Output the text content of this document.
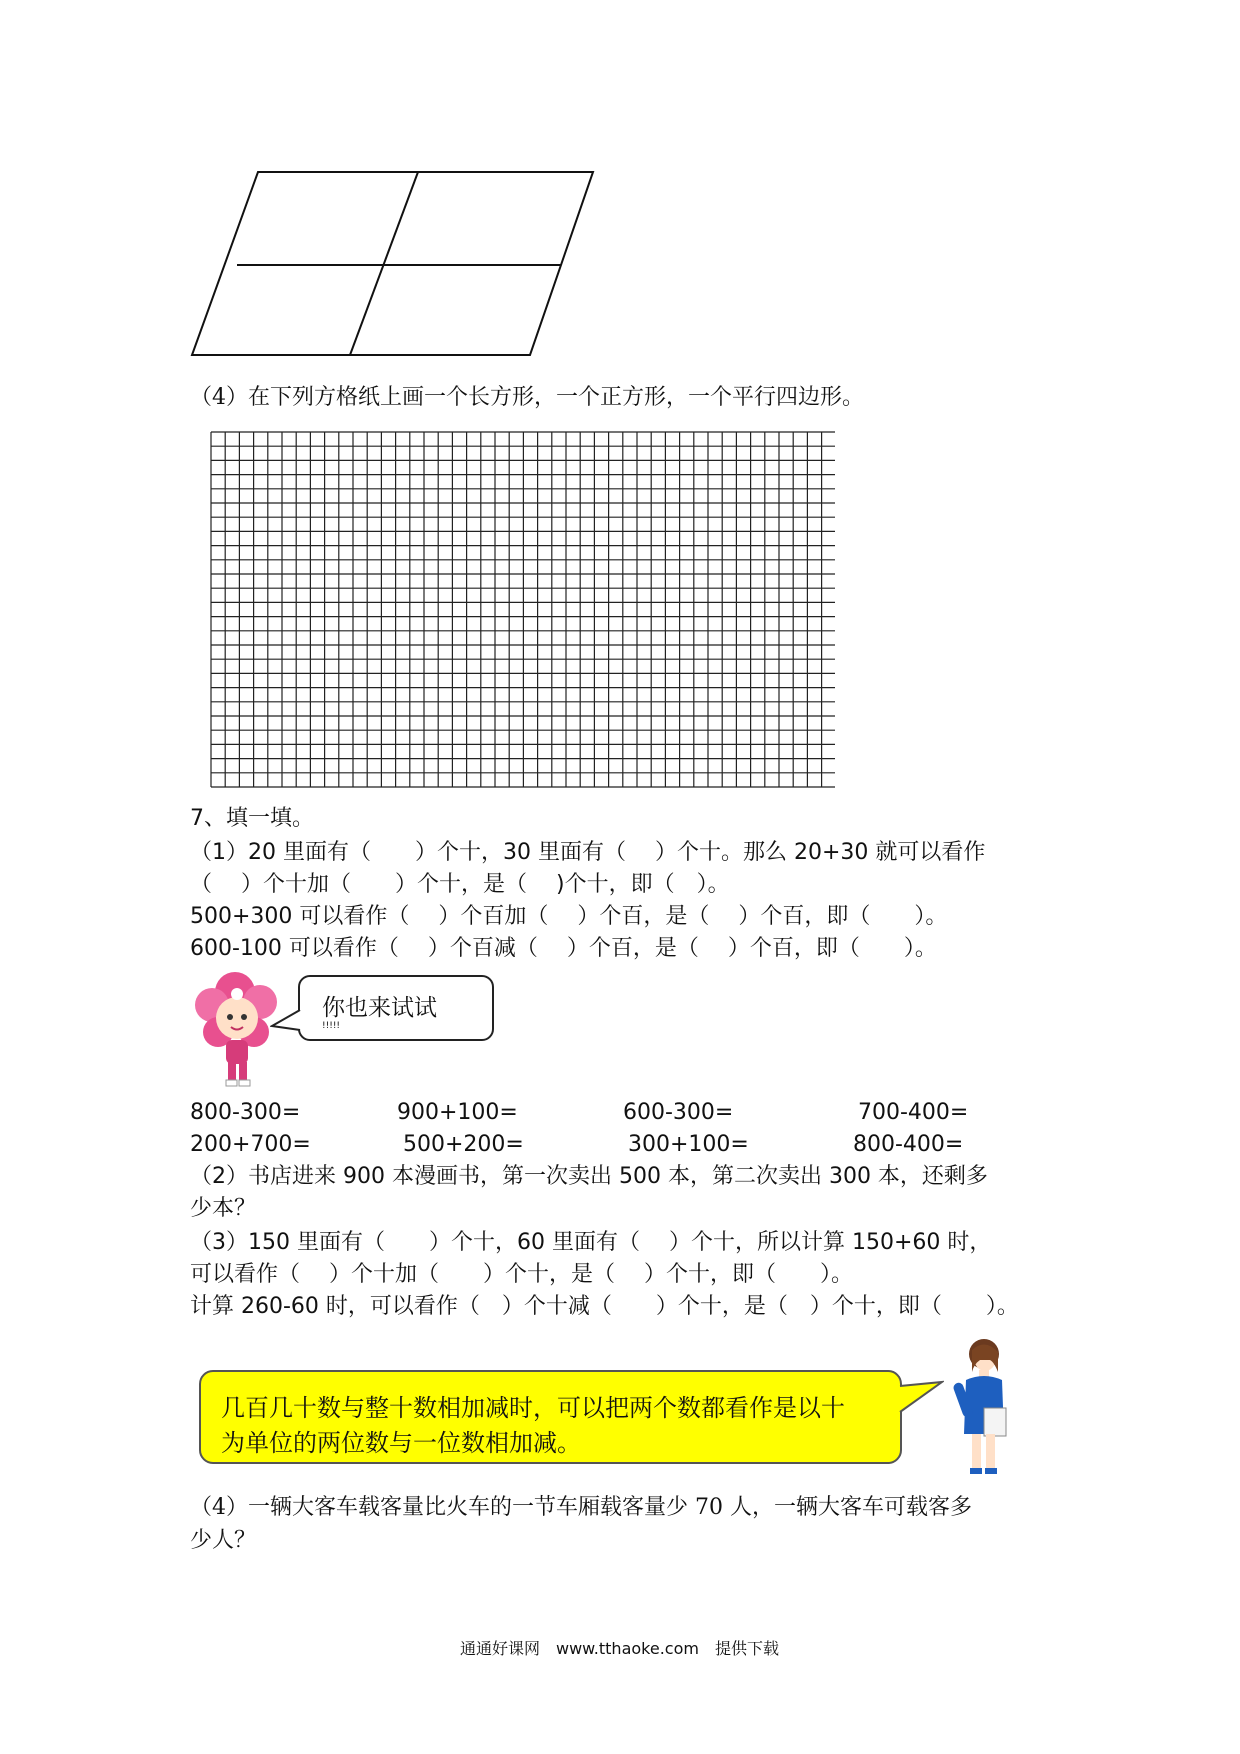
（4）在下列方格纸上画一个长方形，一个正方形，一个平行四边形。
7、填一填。
（1）20 里面有（　　）个十，30 里面有（　 ）个十。那么 20+30 就可以看作
（　 ）个十加（　　）个十，是（　 )个十，即（　）。
500+300 可以看作（　 ）个百加（　 ）个百，是（　 ）个百，即（　　）。
600-100 可以看作（　 ）个百减（　 ）个百，是（　 ）个百，即（　　）。
你也来试试
!!!!!
800-300=	900+100=	600-300=	700-400=
200+700=	500+200=	300+100=	800-400=
（2）书店进来 900 本漫画书，第一次卖出 500 本，第二次卖出 300 本，还剩多
少本？
（3）150 里面有（　　）个十，60 里面有（　 ）个十，所以计算 150+60 时，
可以看作（　 ）个十加（　　）个十，是（　 ）个十，即（　　）。
计算 260-60 时，可以看作（　）个十减（　　）个十，是（　）个十，即（　　）。
几百几十数与整十数相加减时，可以把两个数都看作是以十
为单位的两位数与一位数相加减。
（4）一辆大客车载客量比火车的一节车厢载客量少 70 人，一辆大客车可载客多
少人？
通通好课网　www.tthaoke.com　提供下载
